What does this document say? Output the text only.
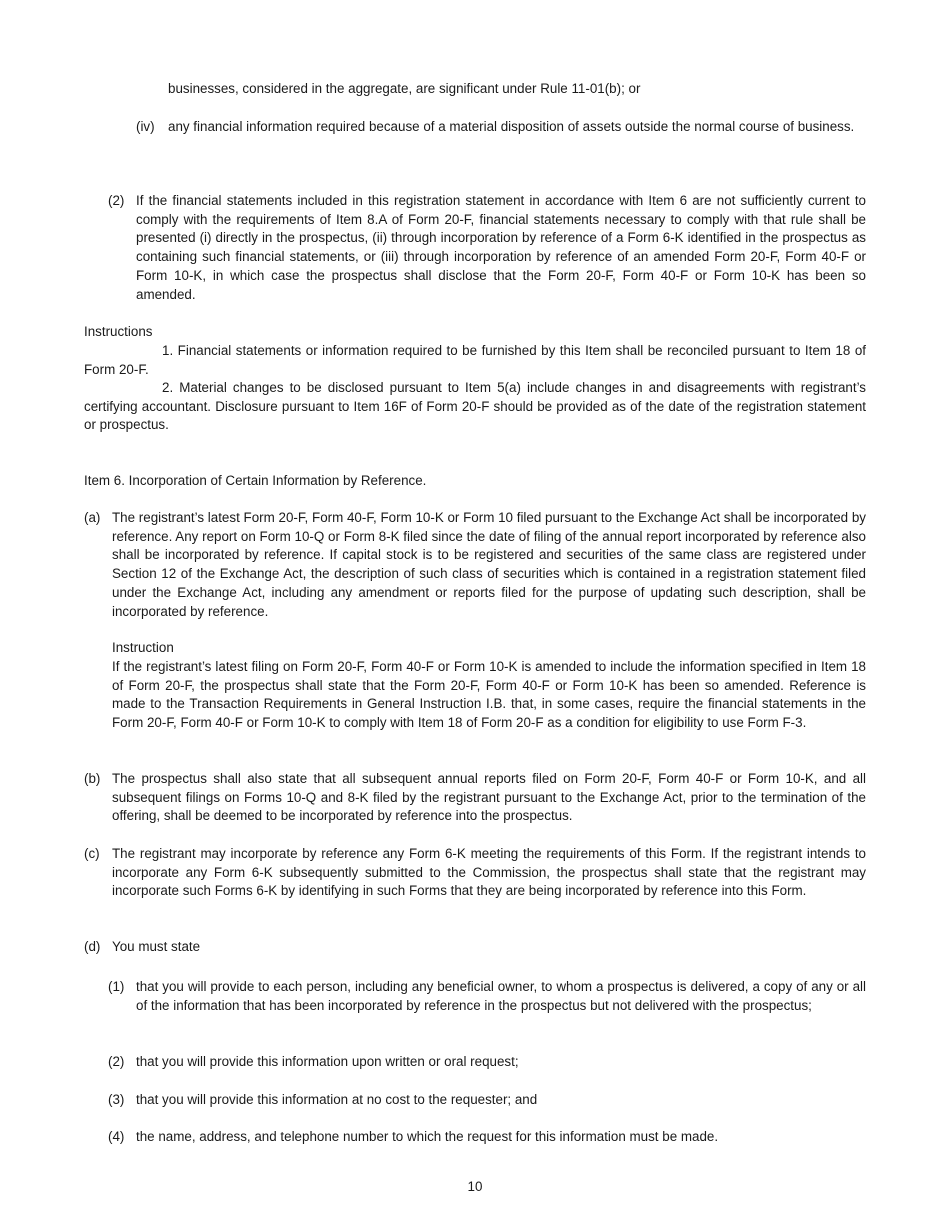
businesses, considered in the aggregate, are significant under Rule 11-01(b); or

(iv)	any financial information required because of a material disposition of assets outside the normal course of business.
(2) If the financial statements included in this registration statement in accordance with Item 6 are not sufficiently current to comply with the requirements of Item 8.A of Form 20-F, financial statements necessary to comply with that rule shall be presented (i) directly in the prospectus, (ii) through incorporation by reference of a Form 6-K identified in the prospectus as containing such financial statements, or (iii) through incorporation by reference of an amended Form 20-F, Form 40-F or Form 10-K, in which case the prospectus shall disclose that the Form 20-F, Form 40-F or Form 10-K has been so amended.

Instructions

1. Financial statements or information required to be furnished by this Item shall be reconciled pursuant to Item 18 of Form 20-F.

2. Material changes to be disclosed pursuant to Item 5(a) include changes in and disagreements with registrant’s certifying accountant. Disclosure pursuant to Item 16F of Form 20-F should be provided as of the date of the registration statement or prospectus.

Item 6. Incorporation of Certain Information by Reference.

(a) The registrant’s latest Form 20-F, Form 40-F, Form 10-K or Form 10 filed pursuant to the Exchange Act shall be incorporated by reference. Any report on Form 10-Q or Form 8-K filed since the date of filing of the annual report incorporated by reference also shall be incorporated by reference. If capital stock is to be registered and securities of the same class are registered under Section 12 of the Exchange Act, the description of such class of securities which is contained in a registration statement filed under the Exchange Act, including any amendment or reports filed for the purpose of updating such description, shall be incorporated by reference.

Instruction

If the registrant’s latest filing on Form 20-F, Form 40-F or Form 10-K is amended to include the information specified in Item 18 of Form 20-F, the prospectus shall state that the Form 20-F, Form 40-F or Form 10-K has been so amended. Reference is made to the Transaction Requirements in General Instruction I.B. that, in some cases, require the financial statements in the Form 20-F, Form 40-F or Form 10-K to comply with Item 18 of Form 20-F as a condition for eligibility to use Form F-3.

(b) The prospectus shall also state that all subsequent annual reports filed on Form 20-F, Form 40-F or Form 10-K, and all subsequent filings on Forms 10-Q and 8-K filed by the registrant pursuant to the Exchange Act, prior to the termination of the offering, shall be deemed to be incorporated by reference into the prospectus.
(c) The registrant may incorporate by reference any Form 6-K meeting the requirements of this Form. If the registrant intends to incorporate any Form 6-K subsequently submitted to the Commission, the prospectus shall state that the registrant may incorporate such Forms 6-K by identifying in such Forms that they are being incorporated by reference into this Form.
(d) You must state
(1) that you will provide to each person, including any beneficial owner, to whom a prospectus is delivered, a copy of any or all of the information that has been incorporated by reference in the prospectus but not delivered with the prospectus;
(2) that you will provide this information upon written or oral request;
(3) that you will provide this information at no cost to the requester; and
(4) the name, address, and telephone number to which the request for this information must be made.
10
